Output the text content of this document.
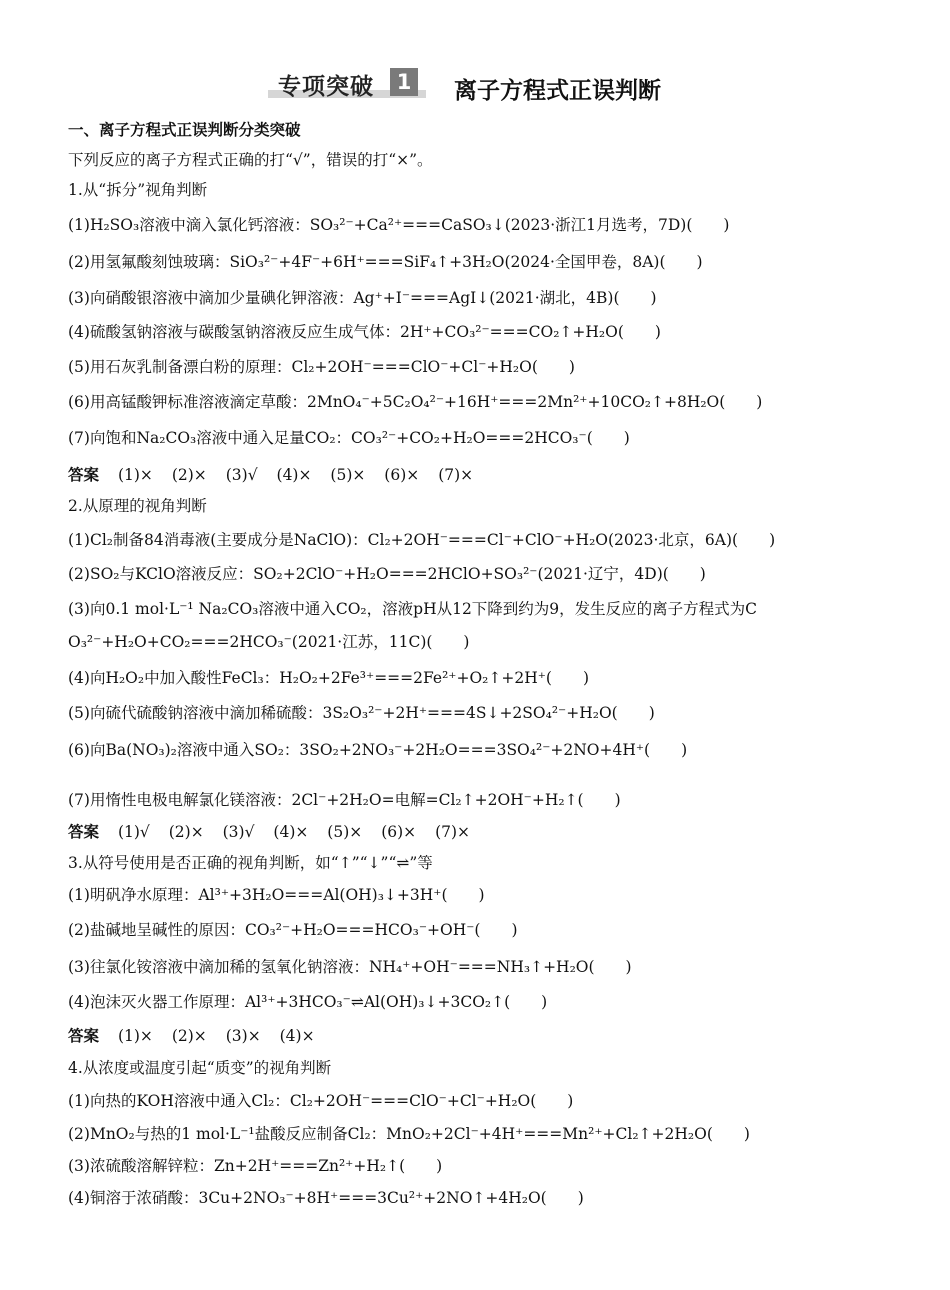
专项突破	1 离子方程式正误判断
一、离子方程式正误判断分类突破
下列反应的离子方程式正确的打“√”，错误的打“×”。
1.从“拆分”视角判断
(1)H₂SO₃溶液中滴入氯化钙溶液：SO₃²⁻+Ca²⁺===CaSO₃↓(2023·浙江1月选考，7D)(　　)
(2)用氢氟酸刻蚀玻璃：SiO₃²⁻+4F⁻+6H⁺===SiF₄↑+3H₂O(2024·全国甲卷，8A)(　　)
(3)向硝酸银溶液中滴加少量碘化钾溶液：Ag⁺+I⁻===AgI↓(2021·湖北，4B)(　　)
(4)硫酸氢钠溶液与碳酸氢钠溶液反应生成气体：2H⁺+CO₃²⁻===CO₂↑+H₂O(　　)
(5)用石灰乳制备漂白粉的原理：Cl₂+2OH⁻===ClO⁻+Cl⁻+H₂O(　　)
(6)用高锰酸钾标准溶液滴定草酸：2MnO₄⁻+5C₂O₄²⁻+16H⁺===2Mn²⁺+10CO₂↑+8H₂O(　　)
(7)向饱和Na₂CO₃溶液中通入足量CO₂：CO₃²⁻+CO₂+H₂O===2HCO₃⁻(　　)
答案 (1)× (2)× (3)√ (4)× (5)× (6)× (7)×
2.从原理的视角判断
(1)Cl₂制备84消毒液(主要成分是NaClO)：Cl₂+2OH⁻===Cl⁻+ClO⁻+H₂O(2023·北京，6A)(　　)
(2)SO₂与KClO溶液反应：SO₂+2ClO⁻+H₂O===2HClO+SO₃²⁻(2021·辽宁，4D)(　　)
(3)向0.1 mol·L⁻¹ Na₂CO₃溶液中通入CO₂，溶液pH从12下降到约为9，发生反应的离子方程式为C
O₃²⁻+H₂O+CO₂===2HCO₃⁻(2021·江苏，11C)(　　)
(4)向H₂O₂中加入酸性FeCl₃：H₂O₂+2Fe³⁺===2Fe²⁺+O₂↑+2H⁺(　　)
(5)向硫代硫酸钠溶液中滴加稀硫酸：3S₂O₃²⁻+2H⁺===4S↓+2SO₄²⁻+H₂O(　　)
(6)向Ba(NO₃)₂溶液中通入SO₂：3SO₂+2NO₃⁻+2H₂O===3SO₄²⁻+2NO+4H⁺(　　)
(7)用惰性电极电解氯化镁溶液：2Cl⁻+2H₂O=电解=Cl₂↑+2OH⁻+H₂↑(　　)
答案 (1)√ (2)× (3)√ (4)× (5)× (6)× (7)×
3.从符号使用是否正确的视角判断，如“↑”“↓”“⇌”等
(1)明矾净水原理：Al³⁺+3H₂O===Al(OH)₃↓+3H⁺(　　)
(2)盐碱地呈碱性的原因：CO₃²⁻+H₂O===HCO₃⁻+OH⁻(　　)
(3)往氯化铵溶液中滴加稀的氢氧化钠溶液：NH₄⁺+OH⁻===NH₃↑+H₂O(　　)
(4)泡沫灭火器工作原理：Al³⁺+3HCO₃⁻⇌Al(OH)₃↓+3CO₂↑(　　)
答案 (1)× (2)× (3)× (4)×
4.从浓度或温度引起“质变”的视角判断
(1)向热的KOH溶液中通入Cl₂：Cl₂+2OH⁻===ClO⁻+Cl⁻+H₂O(　　)
(2)MnO₂与热的1 mol·L⁻¹盐酸反应制备Cl₂：MnO₂+2Cl⁻+4H⁺===Mn²⁺+Cl₂↑+2H₂O(　　)
(3)浓硫酸溶解锌粒：Zn+2H⁺===Zn²⁺+H₂↑(　　)
(4)铜溶于浓硝酸：3Cu+2NO₃⁻+8H⁺===3Cu²⁺+2NO↑+4H₂O(　　)
